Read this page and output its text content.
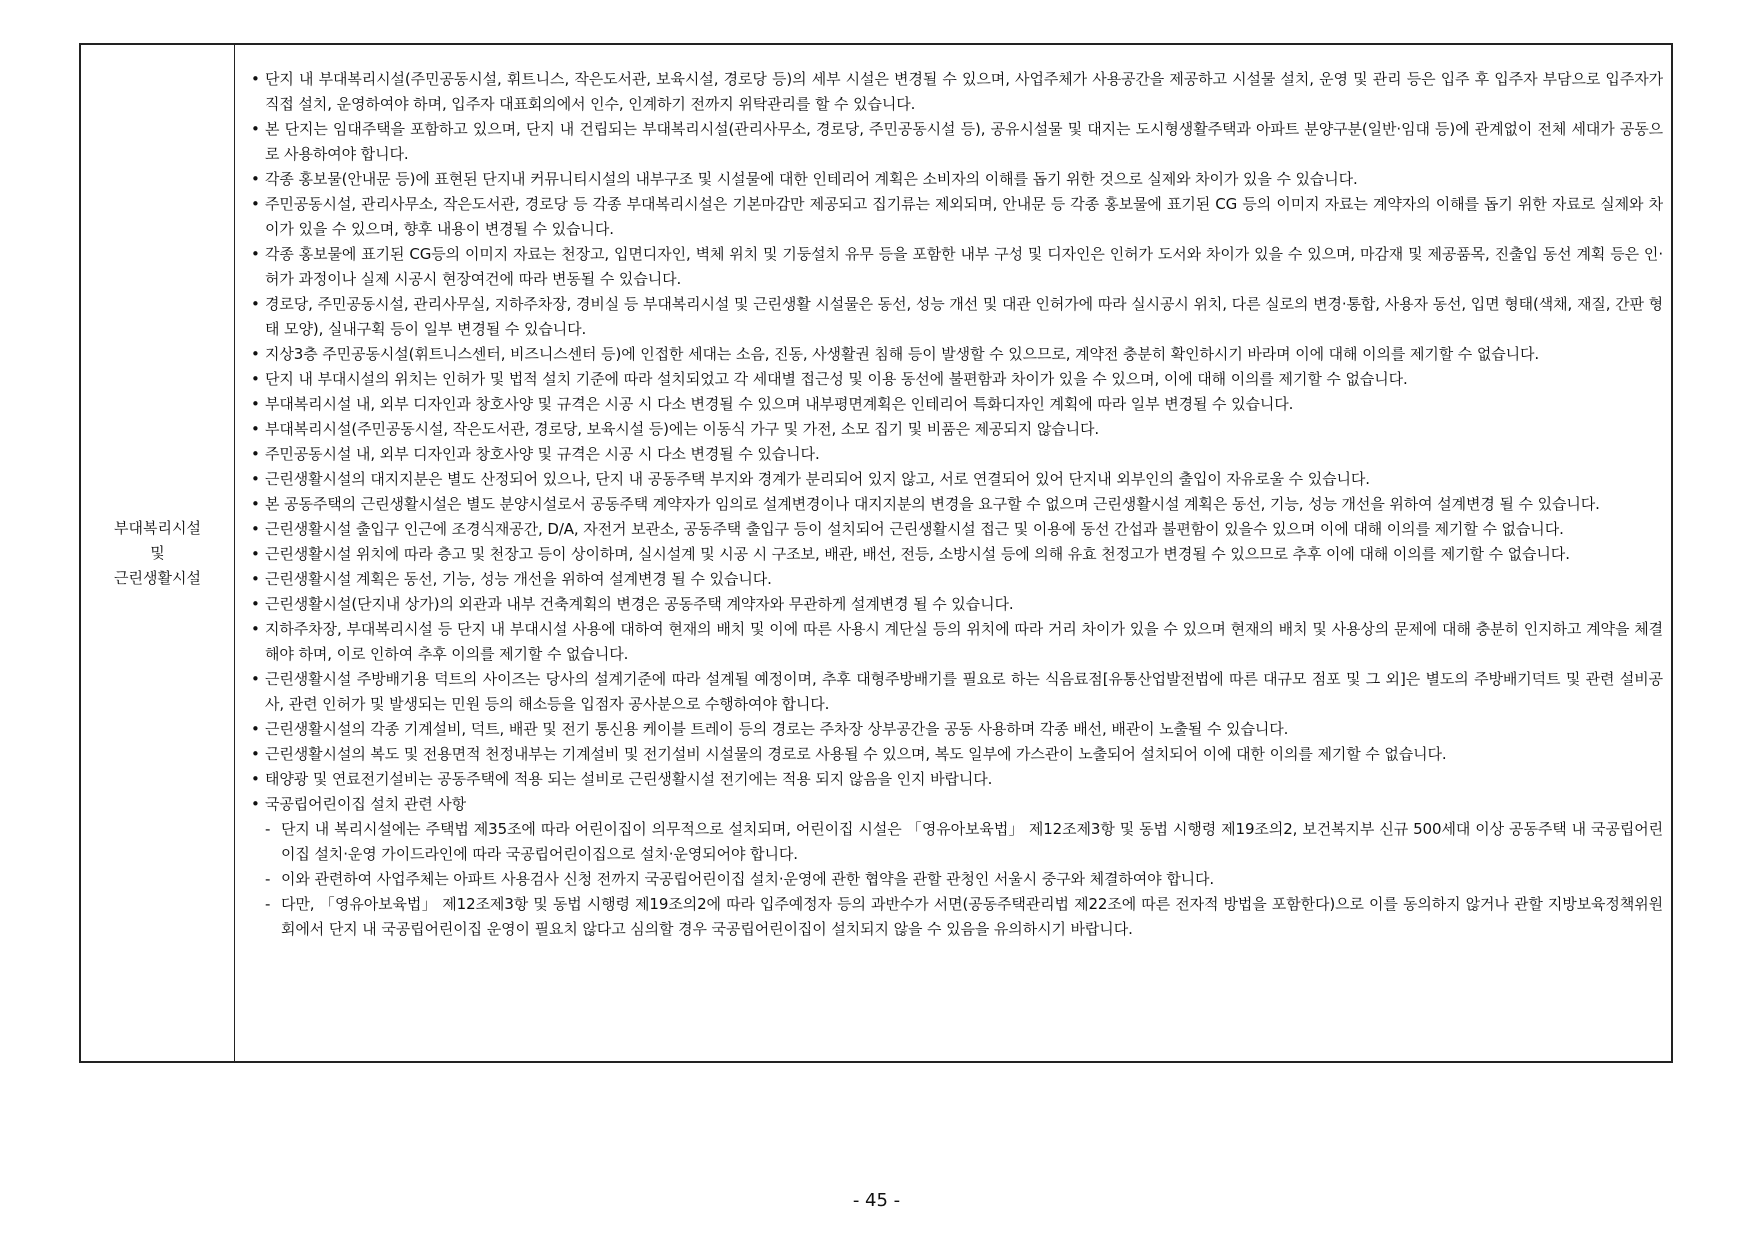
부대복리시설
및
근린생활시설
• 단지 내 부대복리시설(주민공동시설, 휘트니스, 작은도서관, 보육시설, 경로당 등)의 세부 시설은 변경될 수 있으며, 사업주체가 사용공간을 제공하고 시설물 설치, 운영 및 관리 등은 입주 후 입주자 부담으로 입주자가 직접 설치, 운영하여야 하며, 입주자 대표회의에서 인수, 인계하기 전까지 위탁관리를 할 수 있습니다.
• 본 단지는 임대주택을 포함하고 있으며, 단지 내 건립되는 부대복리시설(관리사무소, 경로당, 주민공동시설 등), 공유시설물 및 대지는 도시형생활주택과 아파트 분양구분(일반·임대 등)에 관계없이 전체 세대가 공동으로 사용하여야 합니다.
• 각종 홍보물(안내문 등)에 표현된 단지내 커뮤니티시설의 내부구조 및 시설물에 대한 인테리어 계획은 소비자의 이해를 돕기 위한 것으로 실제와 차이가 있을 수 있습니다.
• 주민공동시설, 관리사무소, 작은도서관, 경로당 등 각종 부대복리시설은 기본마감만 제공되고 집기류는 제외되며, 안내문 등 각종 홍보물에 표기된 CG 등의 이미지 자료는 계약자의 이해를 돕기 위한 자료로 실제와 차이가 있을 수 있으며, 향후 내용이 변경될 수 있습니다.
• 각종 홍보물에 표기된 CG등의 이미지 자료는 천장고, 입면디자인, 벽체 위치 및 기둥설치 유무 등을 포함한 내부 구성 및 디자인은 인허가 도서와 차이가 있을 수 있으며, 마감재 및 제공품목, 진출입 동선 계획 등은 인·허가 과정이나 실제 시공시 현장여건에 따라 변동될 수 있습니다.
• 경로당, 주민공동시설, 관리사무실, 지하주차장, 경비실 등 부대복리시설 및 근린생활 시설물은 동선, 성능 개선 및 대관 인허가에 따라 실시공시 위치, 다른 실로의 변경·통합, 사용자 동선, 입면 형태(색채, 재질, 간판 형태 모양), 실내구획 등이 일부 변경될 수 있습니다.
• 지상3층 주민공동시설(휘트니스센터, 비즈니스센터 등)에 인접한 세대는 소음, 진동, 사생활권 침해 등이 발생할 수 있으므로, 계약전 충분히 확인하시기 바라며 이에 대해 이의를 제기할 수 없습니다.
• 단지 내 부대시설의 위치는 인허가 및 법적 설치 기준에 따라 설치되었고 각 세대별 접근성 및 이용 동선에 불편함과 차이가 있을 수 있으며, 이에 대해 이의를 제기할 수 없습니다.
• 부대복리시설 내, 외부 디자인과 창호사양 및 규격은 시공 시 다소 변경될 수 있으며 내부평면계획은 인테리어 특화디자인 계획에 따라 일부 변경될 수 있습니다.
• 부대복리시설(주민공동시설, 작은도서관, 경로당, 보육시설 등)에는 이동식 가구 및 가전, 소모 집기 및 비품은 제공되지 않습니다.
• 주민공동시설 내, 외부 디자인과 창호사양 및 규격은 시공 시 다소 변경될 수 있습니다.
• 근린생활시설의 대지지분은 별도 산정되어 있으나, 단지 내 공동주택 부지와 경계가 분리되어 있지 않고, 서로 연결되어 있어 단지내 외부인의 출입이 자유로울 수 있습니다.
• 본 공동주택의 근린생활시설은 별도 분양시설로서 공동주택 계약자가 임의로 설계변경이나 대지지분의 변경을 요구할 수 없으며 근린생활시설 계획은 동선, 기능, 성능 개선을 위하여 설계변경 될 수 있습니다.
• 근린생활시설 출입구 인근에 조경식재공간, D/A, 자전거 보관소, 공동주택 출입구 등이 설치되어 근린생활시설 접근 및 이용에 동선 간섭과 불편함이 있을수 있으며 이에 대해 이의를 제기할 수 없습니다.
• 근린생활시설 위치에 따라 층고 및 천장고 등이 상이하며, 실시설계 및 시공 시 구조보, 배관, 배선, 전등, 소방시설 등에 의해 유효 천정고가 변경될 수 있으므로 추후 이에 대해 이의를 제기할 수 없습니다.
• 근린생활시설 계획은 동선, 기능, 성능 개선을 위하여 설계변경 될 수 있습니다.
• 근린생활시설(단지내 상가)의 외관과 내부 건축계획의 변경은 공동주택 계약자와 무관하게 설계변경 될 수 있습니다.
• 지하주차장, 부대복리시설 등 단지 내 부대시설 사용에 대하여 현재의 배치 및 이에 따른 사용시 계단실 등의 위치에 따라 거리 차이가 있을 수 있으며 현재의 배치 및 사용상의 문제에 대해 충분히 인지하고 계약을 체결해야 하며, 이로 인하여 추후 이의를 제기할 수 없습니다.
• 근린생활시설 주방배기용 덕트의 사이즈는 당사의 설계기준에 따라 설계될 예정이며, 추후 대형주방배기를 필요로 하는 식음료점[유통산업발전법에 따른 대규모 점포 및 그 외]은 별도의 주방배기덕트 및 관련 설비공사, 관련 인허가 및 발생되는 민원 등의 해소등을 입점자 공사분으로 수행하여야 합니다.
• 근린생활시설의 각종 기계설비, 덕트, 배관 및 전기 통신용 케이블 트레이 등의 경로는 주차장 상부공간을 공동 사용하며 각종 배선, 배관이 노출될 수 있습니다.
• 근린생활시설의 복도 및 전용면적 천정내부는 기계설비 및 전기설비 시설물의 경로로 사용될 수 있으며, 복도 일부에 가스관이 노출되어 설치되어 이에 대한 이의를 제기할 수 없습니다.
• 태양광 및 연료전기설비는 공동주택에 적용 되는 설비로 근린생활시설 전기에는 적용 되지 않음을 인지 바랍니다.
• 국공립어린이집 설치 관련 사항
- 단지 내 복리시설에는 주택법 제35조에 따라 어린이집이 의무적으로 설치되며, 어린이집 시설은 「영유아보육법」 제12조제3항 및 동법 시행령 제19조의2, 보건복지부 신규 500세대 이상 공동주택 내 국공립어린이집 설치·운영 가이드라인에 따라 국공립어린이집으로 설치·운영되어야 합니다.
- 이와 관련하여 사업주체는 아파트 사용검사 신청 전까지 국공립어린이집 설치·운영에 관한 협약을 관할 관청인 서울시 중구와 체결하여야 합니다.
- 다만, 「영유아보육법」 제12조제3항 및 동법 시행령 제19조의2에 따라 입주예정자 등의 과반수가 서면(공동주택관리법 제22조에 따른 전자적 방법을 포함한다)으로 이를 동의하지 않거나 관할 지방보육정책위원회에서 단지 내 국공립어린이집 운영이 필요치 않다고 심의할 경우 국공립어린이집이 설치되지 않을 수 있음을 유의하시기 바랍니다.
- 45 -
